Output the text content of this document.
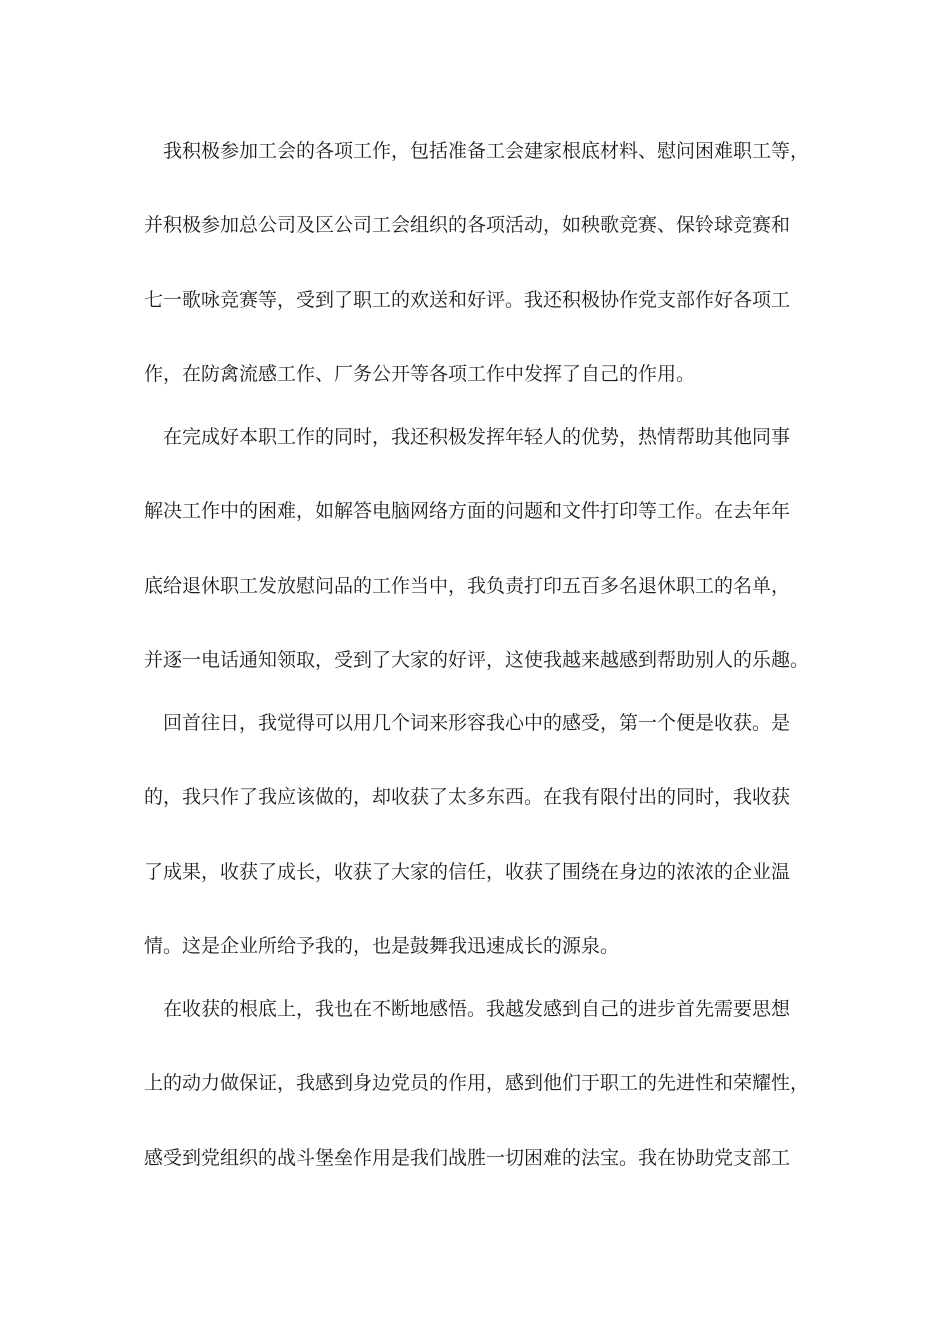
我积极参加工会的各项工作，包括准备工会建家根底材料、慰问困难职工等，
并积极参加总公司及区公司工会组织的各项活动，如秧歌竞赛、保铃球竞赛和
七一歌咏竞赛等，受到了职工的欢送和好评。我还积极协作党支部作好各项工
作，在防禽流感工作、厂务公开等各项工作中发挥了自己的作用。
在完成好本职工作的同时，我还积极发挥年轻人的优势，热情帮助其他同事
解决工作中的困难，如解答电脑网络方面的问题和文件打印等工作。在去年年
底给退休职工发放慰问品的工作当中，我负责打印五百多名退休职工的名单，
并逐一电话通知领取，受到了大家的好评，这使我越来越感到帮助别人的乐趣。
回首往日，我觉得可以用几个词来形容我心中的感受，第一个便是收获。是
的，我只作了我应该做的，却收获了太多东西。在我有限付出的同时，我收获
了成果，收获了成长，收获了大家的信任，收获了围绕在身边的浓浓的企业温
情。这是企业所给予我的，也是鼓舞我迅速成长的源泉。
在收获的根底上，我也在不断地感悟。我越发感到自己的进步首先需要思想
上的动力做保证，我感到身边党员的作用，感到他们于职工的先进性和荣耀性，
感受到党组织的战斗堡垒作用是我们战胜一切困难的法宝。我在协助党支部工
